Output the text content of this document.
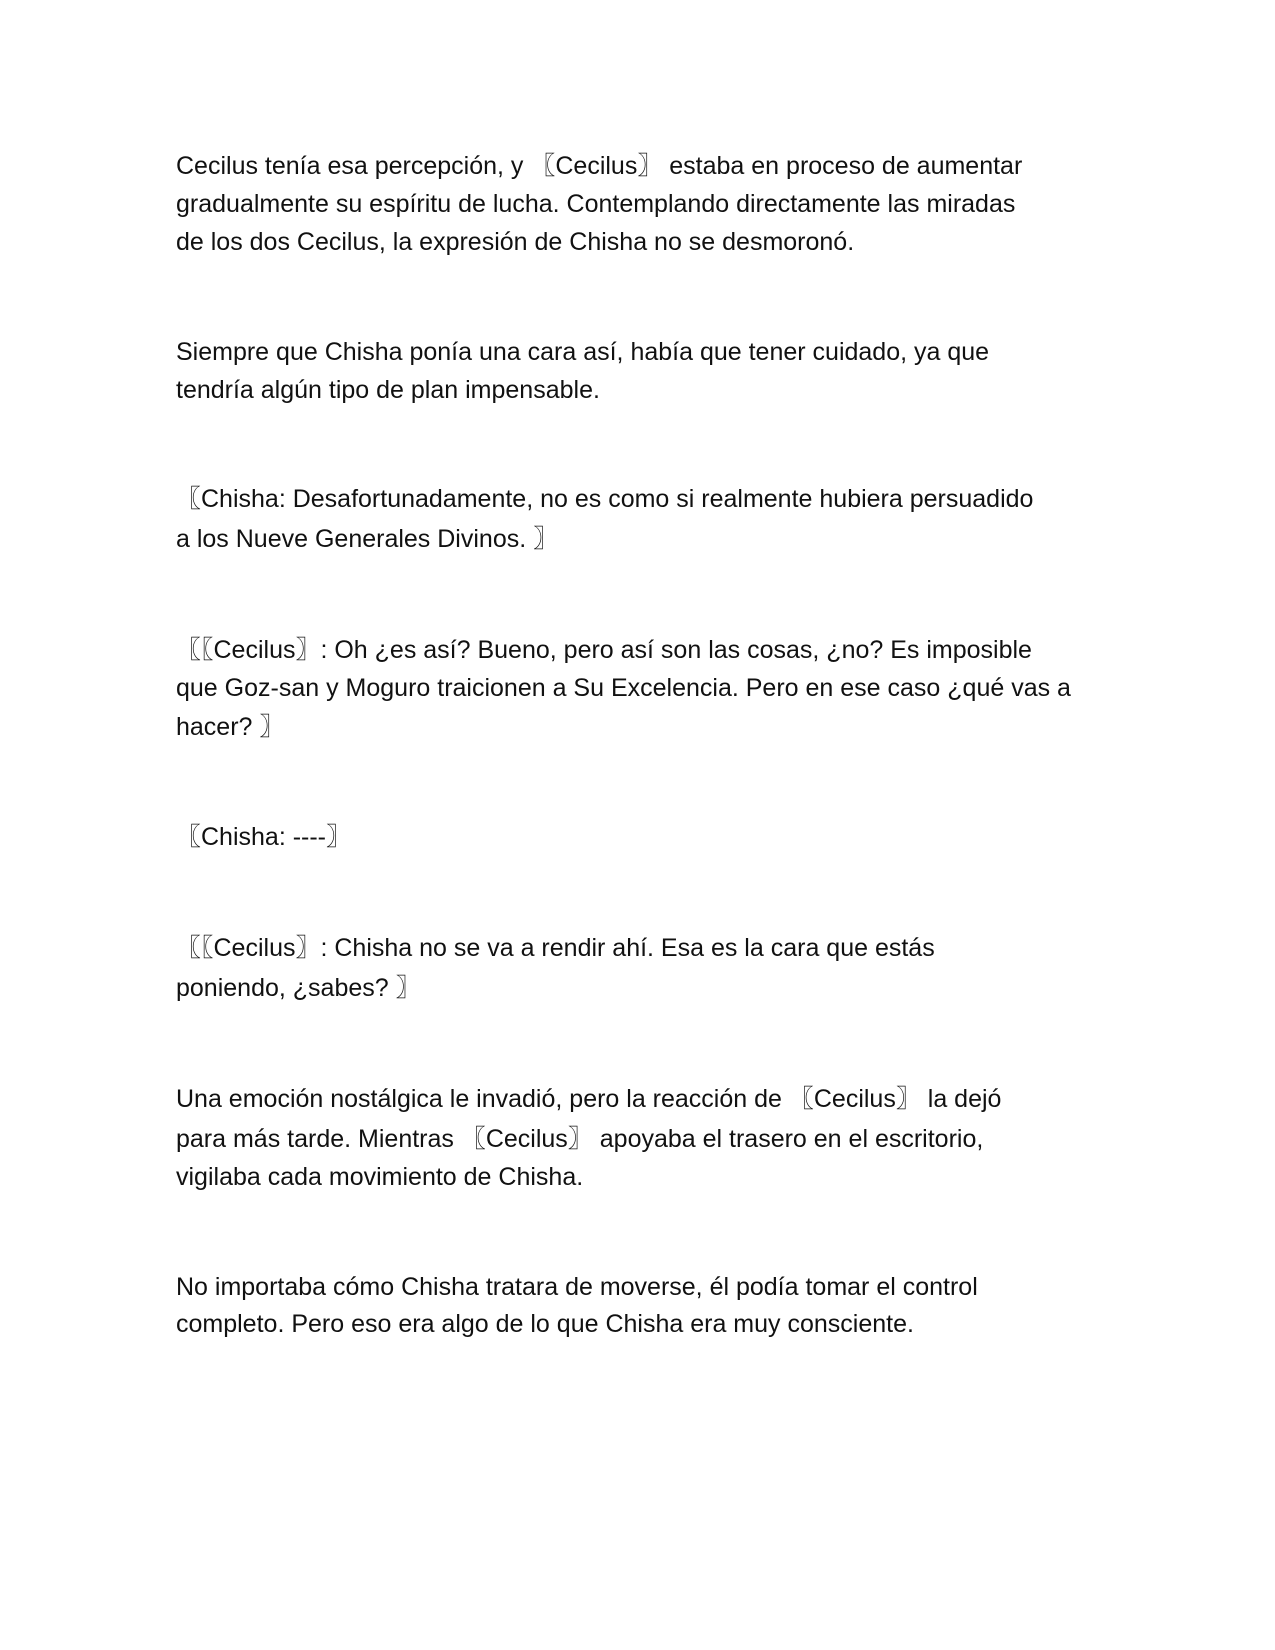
Cecilus tenía esa percepción, y 〖Cecilus〗 estaba en proceso de aumentar

gradualmente su espíritu de lucha. Contemplando directamente las miradas

de los dos Cecilus, la expresión de Chisha no se desmoronó.

Siempre que Chisha ponía una cara así, había que tener cuidado, ya que

tendría algún tipo de plan impensable.

〖Chisha: Desafortunadamente, no es como si realmente hubiera persuadido

a los Nueve Generales Divinos. 〗

〖〖Cecilus〗: Oh ¿es así? Bueno, pero así son las cosas, ¿no? Es imposible

que Goz-san y Moguro traicionen a Su Excelencia. Pero en ese caso ¿qué vas a

hacer? 〗

〖Chisha: ----〗

〖〖Cecilus〗: Chisha no se va a rendir ahí. Esa es la cara que estás

poniendo, ¿sabes? 〗

Una emoción nostálgica le invadió, pero la reacción de 〖Cecilus〗 la dejó

para más tarde. Mientras 〖Cecilus〗 apoyaba el trasero en el escritorio,

vigilaba cada movimiento de Chisha.

No importaba cómo Chisha tratara de moverse, él podía tomar el control

completo. Pero eso era algo de lo que Chisha era muy consciente.
